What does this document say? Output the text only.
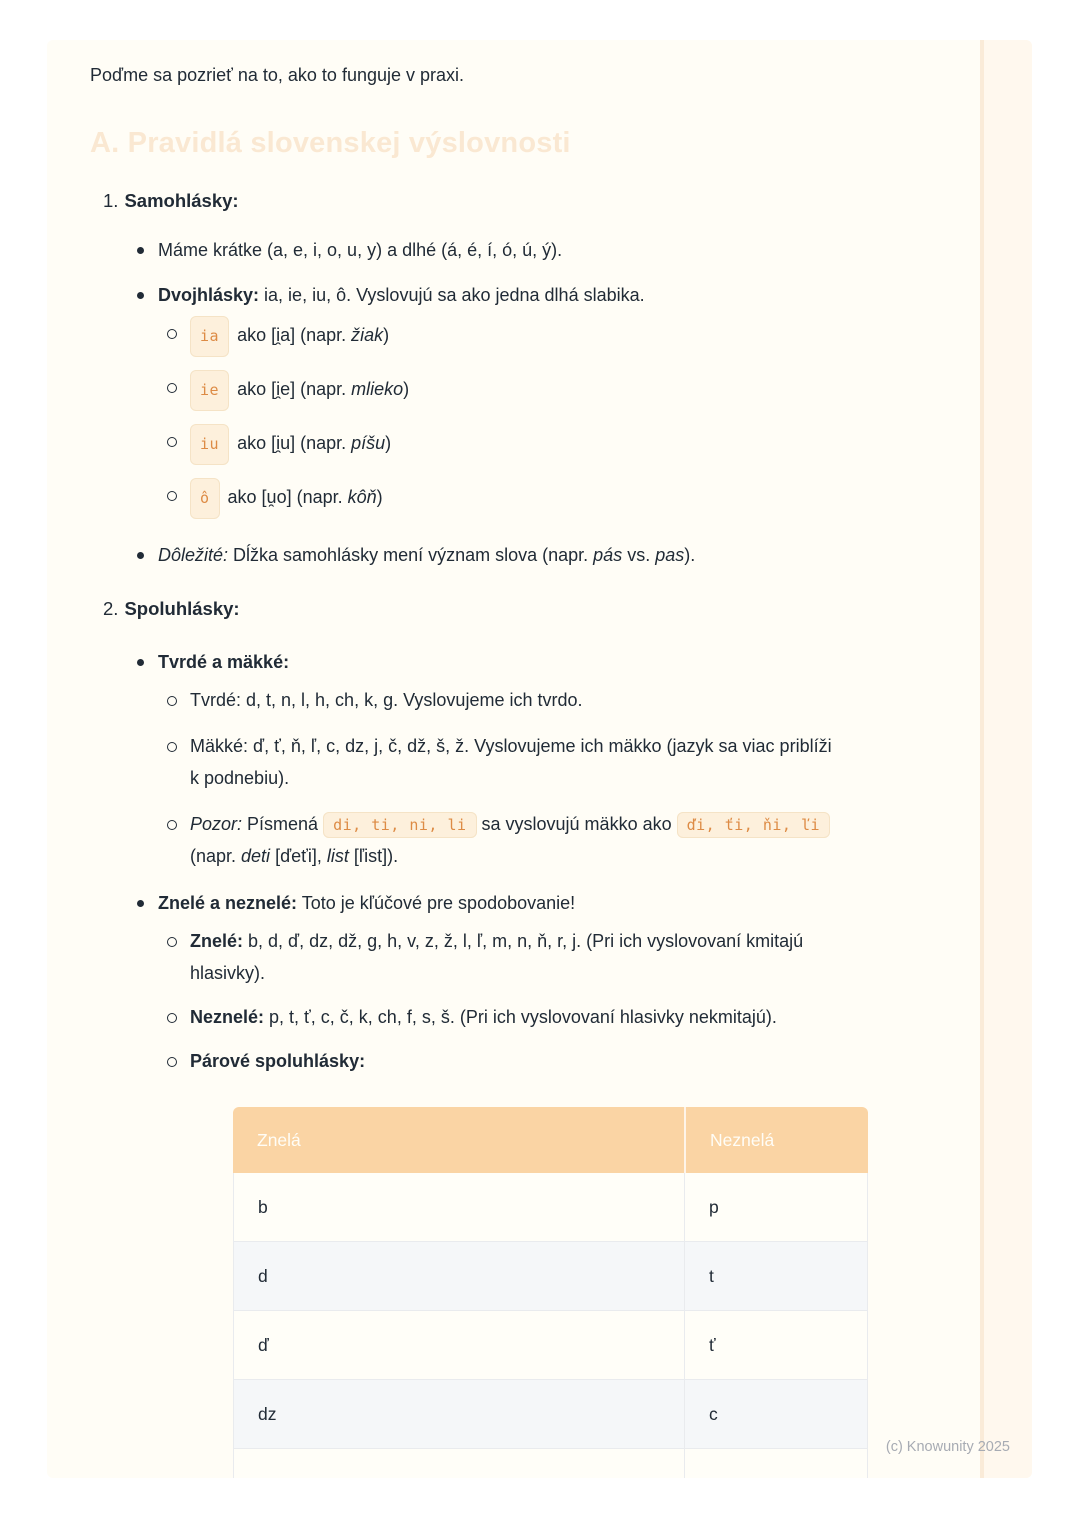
Poďme sa pozrieť na to, ako to funguje v praxi.

A. Pravidlá slovenskej výslovnosti
1. Samohlásky:
Máme krátke (a, e, i, o, u, y) a dlhé (á, é, í, ó, ú, ý).
Dvojhlásky: ia, ie, iu, ô. Vyslovujú sa ako jedna dlhá slabika.
ia ako [i̯a] (napr. žiak)
ie ako [i̯e] (napr. mlieko)
iu ako [i̯u] (napr. píšu)
ô ako [u̯o] (napr. kôň)
Dôležité: Dĺžka samohlásky mení význam slova (napr. pás vs. pas).
2. Spoluhlásky:
Tvrdé a mäkké:
Tvrdé: d, t, n, l, h, ch, k, g. Vyslovujeme ich tvrdo.
Mäkké: ď, ť, ň, ľ, c, dz, j, č, dž, š, ž. Vyslovujeme ich mäkko (jazyk sa viac priblíži k podnebiu).
Pozor: Písmená di, ti, ni, li sa vyslovujú mäkko ako ďi, ťi, ňi, ľi (napr. deti [ďeťi], list [ľist]).
Znelé a neznelé: Toto je kľúčové pre spodobovanie!
Znelé: b, d, ď, dz, dž, g, h, v, z, ž, l, ľ, m, n, ň, r, j. (Pri ich vyslovovaní kmitajú hlasivky).
Neznelé: p, t, ť, c, č, k, ch, f, s, š. (Pri ich vyslovovaní hlasivky nekmitajú).
Párové spoluhlásky:
Znelá	Neznelá
b	p
d	t
ď	ť
dz	c

(c) Knowunity 2025
